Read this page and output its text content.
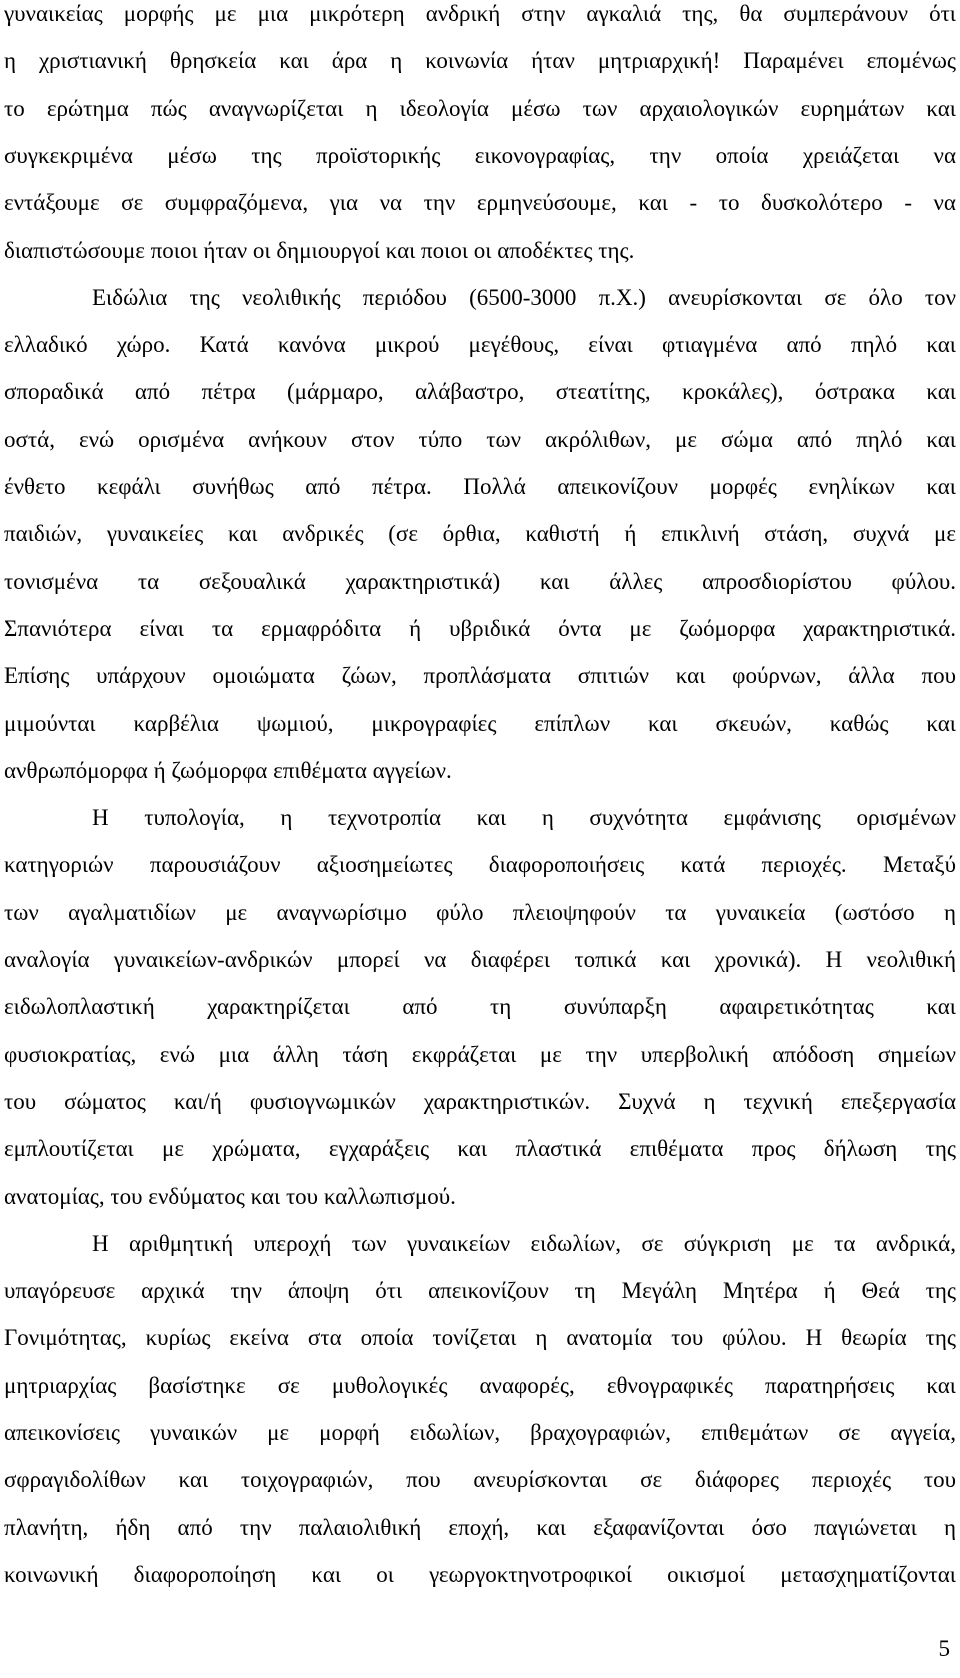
γυναικείας μορφής με μια μικρότερη ανδρική στην αγκαλιά της, θα συμπεράνουν ότι
η χριστιανική θρησκεία και άρα η κοινωνία ήταν μητριαρχική! Παραμένει επομένως
το ερώτημα πώς αναγνωρίζεται η ιδεολογία μέσω των αρχαιολογικών ευρημάτων και
συγκεκριμένα μέσω της προϊστορικής εικονογραφίας, την οποία χρειάζεται να
εντάξουμε σε συμφραζόμενα, για να την ερμηνεύσουμε, και - το δυσκολότερο - να
διαπιστώσουμε ποιοι ήταν οι δημιουργοί και ποιοι οι αποδέκτες της.
Ειδώλια της νεολιθικής περιόδου (6500-3000 π.Χ.) ανευρίσκονται σε όλο τον
ελλαδικό χώρο. Κατά κανόνα μικρού μεγέθους, είναι φτιαγμένα από πηλό και
σποραδικά από πέτρα (μάρμαρο, αλάβαστρο, στεατίτης, κροκάλες), όστρακα και
οστά, ενώ ορισμένα ανήκουν στον τύπο των ακρόλιθων, με σώμα από πηλό και
ένθετο κεφάλι συνήθως από πέτρα. Πολλά απεικονίζουν μορφές ενηλίκων και
παιδιών, γυναικείες και ανδρικές (σε όρθια, καθιστή ή επικλινή στάση, συχνά με
τονισμένα τα σεξουαλικά χαρακτηριστικά) και άλλες απροσδιορίστου φύλου.
Σπανιότερα είναι τα ερμαφρόδιτα ή υβριδικά όντα με ζωόμορφα χαρακτηριστικά.
Επίσης υπάρχουν ομοιώματα ζώων, προπλάσματα σπιτιών και φούρνων, άλλα που
μιμούνται καρβέλια ψωμιού, μικρογραφίες επίπλων και σκευών, καθώς και
ανθρωπόμορφα ή ζωόμορφα επιθέματα αγγείων.
Η τυπολογία, η τεχνοτροπία και η συχνότητα εμφάνισης ορισμένων
κατηγοριών παρουσιάζουν αξιοσημείωτες διαφοροποιήσεις κατά περιοχές. Μεταξύ
των αγαλματιδίων με αναγνωρίσιμο φύλο πλειοψηφούν τα γυναικεία (ωστόσο η
αναλογία γυναικείων-ανδρικών μπορεί να διαφέρει τοπικά και χρονικά). Η νεολιθική
ειδωλοπλαστική χαρακτηρίζεται από τη συνύπαρξη αφαιρετικότητας και
φυσιοκρατίας, ενώ μια άλλη τάση εκφράζεται με την υπερβολική απόδοση σημείων
του σώματος και/ή φυσιογνωμικών χαρακτηριστικών. Συχνά η τεχνική επεξεργασία
εμπλουτίζεται με χρώματα, εγχαράξεις και πλαστικά επιθέματα προς δήλωση της
ανατομίας, του ενδύματος και του καλλωπισμού.
Η αριθμητική υπεροχή των γυναικείων ειδωλίων, σε σύγκριση με τα ανδρικά,
υπαγόρευσε αρχικά την άποψη ότι απεικονίζουν τη Μεγάλη Μητέρα ή Θεά της
Γονιμότητας, κυρίως εκείνα στα οποία τονίζεται η ανατομία του φύλου. Η θεωρία της
μητριαρχίας βασίστηκε σε μυθολογικές αναφορές, εθνογραφικές παρατηρήσεις και
απεικονίσεις γυναικών με μορφή ειδωλίων, βραχογραφιών, επιθεμάτων σε αγγεία,
σφραγιδολίθων και τοιχογραφιών, που ανευρίσκονται σε διάφορες περιοχές του
πλανήτη, ήδη από την παλαιολιθική εποχή, και εξαφανίζονται όσο παγιώνεται η
κοινωνική διαφοροποίηση και οι γεωργοκτηνοτροφικοί οικισμοί μετασχηματίζονται
5
